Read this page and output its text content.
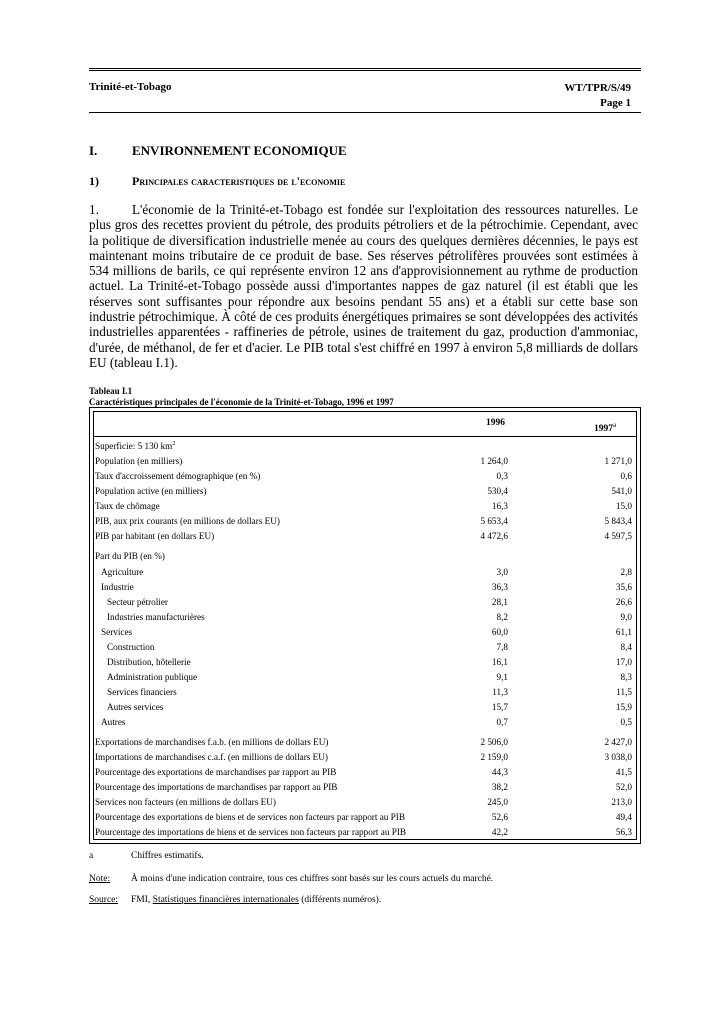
Trinité-et-Tobago	WT/TPR/S/49
Page 1
I.	ENVIRONNEMENT ECONOMIQUE
1)	Principales caracteristiques de l'economie
1.	L'économie de la Trinité-et-Tobago est fondée sur l'exploitation des ressources naturelles. Le plus gros des recettes provient du pétrole, des produits pétroliers et de la pétrochimie. Cependant, avec la politique de diversification industrielle menée au cours des quelques dernières décennies, le pays est maintenant moins tributaire de ce produit de base. Ses réserves pétrolifères prouvées sont estimées à 534 millions de barils, ce qui représente environ 12 ans d'approvisionnement au rythme de production actuel. La Trinité-et-Tobago possède aussi d'importantes nappes de gaz naturel (il est établi que les réserves sont suffisantes pour répondre aux besoins pendant 55 ans) et a établi sur cette base son industrie pétrochimique. À côté de ces produits énergétiques primaires se sont développées des activités industrielles apparentées - raffineries de pétrole, usines de traitement du gaz, production d'ammoniac, d'urée, de méthanol, de fer et d'acier. Le PIB total s'est chiffré en 1997 à environ 5,8 milliards de dollars EU (tableau I.1).
Tableau I.1
Caractéristiques principales de l'économie de la Trinité-et-Tobago, 1996 et 1997
1996
1997$^a$
Superficie: 5 130 $km^2$
Population (en milliers)	1 264,0	1 271,0
Taux d'accroissement démographique (en %)	0,3	0,6
Population active (en milliers)	530,4	541,0
Taux de chômage	16,3	15,0
PIB, aux prix courants (en millions de dollars EU)	5 653,4	5 843,4
PIB par habitant (en dollars EU)	4 472,6	4 597,5
Part du PIB (en %)
Agriculture	3,0	2,8
Industrie	36,3	35,6
Secteur pétrolier	28,1	26,6
Industries manufacturières	8,2	9,0
Services	60,0	61,1
Construction	7,8	8,4
Distribution, hôtellerie	16,1	17,0
Administration publique	9,1	8,3
Services financiers	11,3	11,5
Autres services	15,7	15,9
Autres	0,7	0,5
Exportations de marchandises f.a.b. (en millions de dollars EU)	2 506,0	2 427,0
Importations de marchandises c.a.f. (en millions de dollars EU)	2 159,0	3 038,0
Pourcentage des exportations de marchandises par rapport au PIB	44,3	41,5
Pourcentage des importations de marchandises par rapport au PIB	38,2	52,0
Services non facteurs (en millions de dollars EU)	245,0	213,0
Pourcentage des exportations de biens et de services non facteurs par rapport au PIB	52,6	49,4
Pourcentage des importations de biens et de services non facteurs par rapport au PIB	42,2	56,3
a	Chiffres estimatifs.
Note: À moins d'une indication contraire, tous ces chiffres sont basés sur les cours actuels du marché.
Source: FMI, Statistiques financières internationales (différents numéros).
